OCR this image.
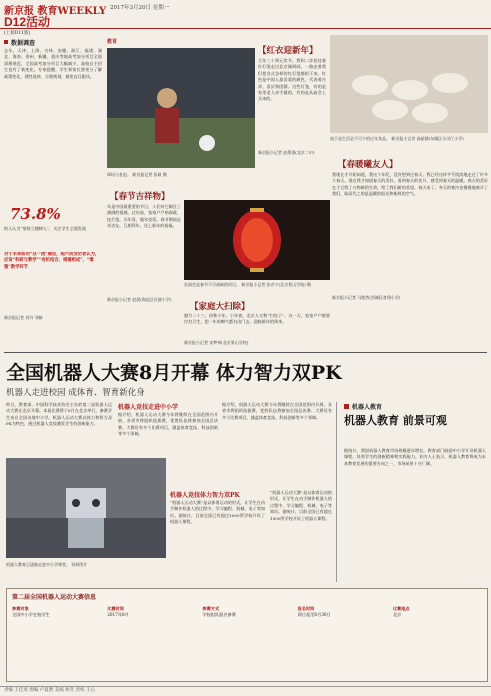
新京报 教育WEEKLY 2017年3月20日 星期一
D12活动
(上接D11版)
数据调查
去年，天津、上海、吉林、安徽、浙江、福建、湖北、海南、贵州、新疆、重庆等地高考加分项目全面清理规范，全国高考加分项目大幅减少，高校自主招生也有了新变化。专家提醒，学生和家长要充分了解政策变化，理性选择，合理规划，避免盲目跟风。
73.8%
的人认为“坚持立德树人”，关注学生全面发展
对于未来如何“双一流”建设，超六成受访者认为，应该“科研与教学”“有机结合，相辅相成”，“增强”教学环节
新京报记者 刘丹 刘畅
教育
球场与老赵。 新京报记者 张硕 摄
【红衣迎新年】
大年三十到元宵节，我和二伴侣挂着红灯笼走过北京城胡同。一路走着我们把各式各样的红灯笼都拍下来。红色是中国人最喜爱的颜色，代表着吉祥、喜庆和团圆。这些灯笼，有的是家里老人亲手做的，有的是从庙会上买来的。
新京报小记者 赵墨翎(北京二中)
放于是生活必不可少的过年食品。 新京报小记者 高韶涵(东城区分司厅小学)
【春暖曦友人】
我现在才开始知道，我这个年纪，没有想到过春天。我已经这样平平淡淡地走过了许多个春天。现在我才知道春天的美好，看到春天的花开，感受到春天的温暖。春天的美好在于它给了万物新的生命，给了我们新的希望。春天来了，冬天的寒冷也慢慢地离开了我们，取而代之的是温暖的阳光和新鲜的空气。
新京报小记者 马皓然(西城区育翔小学)
【春节吉祥物】
年是中国最重要的节日，人们对它倾注了满满的情感。过年前，家家户户贴春联，挂灯笼，买年货，做年夜饭。春节期间走亲访友，互相拜年，送上新年的祝福。
新京报小记者 赵晨(海淀区民族小学)
宏丽会是春节不可或缺的项目。 新京报小记者 张亦宁(北京景山学校) 摄
【家庭大扫除】
腊月二十三，俗称小年，小年夜，北京人又称“扫房子”。这一天，家家户户都要打扫卫生，把一年的晦气都扫出门去，迎接新年的到来。
新京报小记者 宋梦州(北京景山学校)
全国机器人大赛8月开幕 体力智力双PK
机器人走进校园 成体育、智育新化身
昨日，教育部、中国科学技术协会主办的第二届机器人运动大赛在北京开幕。本届比赛将于8月在北京举行，参赛学生来自全国各地中小学。机器人运动大赛以体力和智力双PK为特色，通过机器人竞技激发学生的创新能力。
机器人教育正逐渐走进中小学课堂。 资料图片
机器人竞技走进中小学
据介绍，机器人运动大赛今年将继续在全国范围内开展，各省市将组织选拔赛，优胜队伍将参加全国总决赛。大赛设有多个比赛项目，涵盖体育竞技、科技创新等多个领域。
机器人竞技体力智力双PK
“机器人运动大赛”是以体育运动的形式，让学生在动手制作机器人的过程中，学习编程、机械、电子等知识。据统计，目前全国已有超过1000所学校开设了机器人课程。
据介绍，机器人运动大赛今年将继续在全国范围内开展，各省市将组织选拔赛，优胜队伍将参加全国总决赛。大赛设有多个比赛项目，涵盖体育竞技、科技创新等多个领域。
“机器人运动大赛”是以体育运动的形式，让学生在动手制作机器人的过程中，学习编程、机械、电子等知识。据统计，目前全国已有超过1000所学校开设了机器人课程。
机器人教育
机器人教育 前景可观
据统计，我国机器人教育市场规模逐年增长。教育部门鼓励中小学开设机器人课程，培养学生的创新精神和实践能力。业内人士表示，机器人教育将成为未来教育发展的重要方向之一，市场前景十分广阔。
第二届全国机器人运动大赛信息
参赛对象
全国中小学在校学生
比赛时间
2017年8月
参赛方式
学校组队报名参赛
报名时间
即日起至6月30日
比赛地点
北京
责编 王佳琦 图编 卢夏骋 美编 侯弈 责校 王心
